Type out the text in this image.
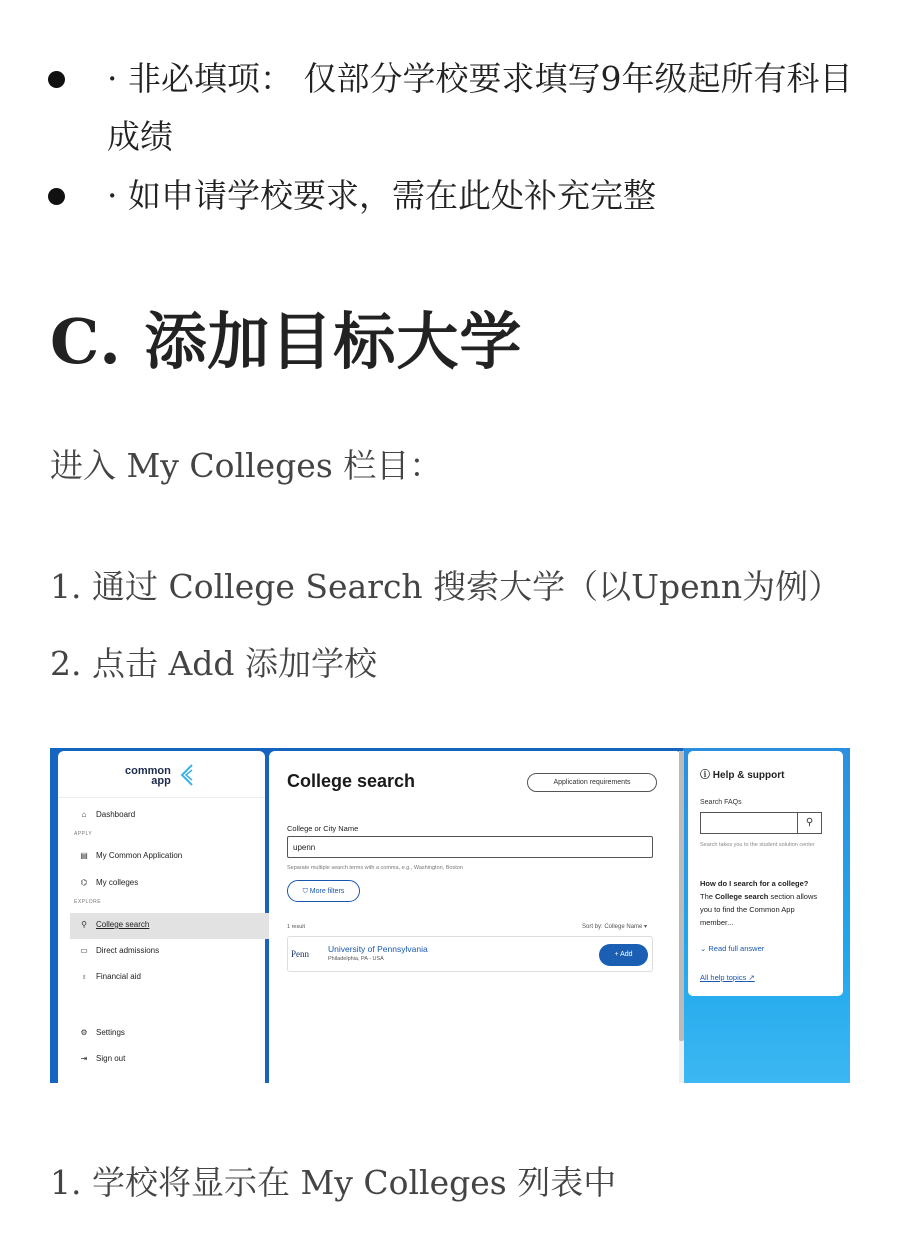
· 非必填项： 仅部分学校要求填写9年级起所有科目成绩
· 如申请学校要求，需在此处补充完整
C. 添加目标大学
进入 My Colleges 栏目：
1. 通过 College Search 搜索大学（以Upenn为例）
2. 点击 Add 添加学校
common
app
⌂ Dashboard
APPLY
▤ My Common Application
⌬ My colleges
EXPLORE
⚲ College search
▭ Direct admissions
♁ Financial aid
⚙ Settings
⇥ Sign out
College search	Application requirements
College or City Name
upenn
Separate multiple search terms with a comma, e.g., Washington, Boston
⛉ More filters
1 result	Sort by: College Name ▾
Penn University of Pennsylvania
Philadelphia, PA - USA
+ Add
ⓘ Help & support
Search FAQs
⚲
Search takes you to the student solution center
How do I search for a college?
The College search section allows you to find the Common App member...
⌄ Read full answer
All help topics ↗
1. 学校将显示在 My Colleges 列表中
